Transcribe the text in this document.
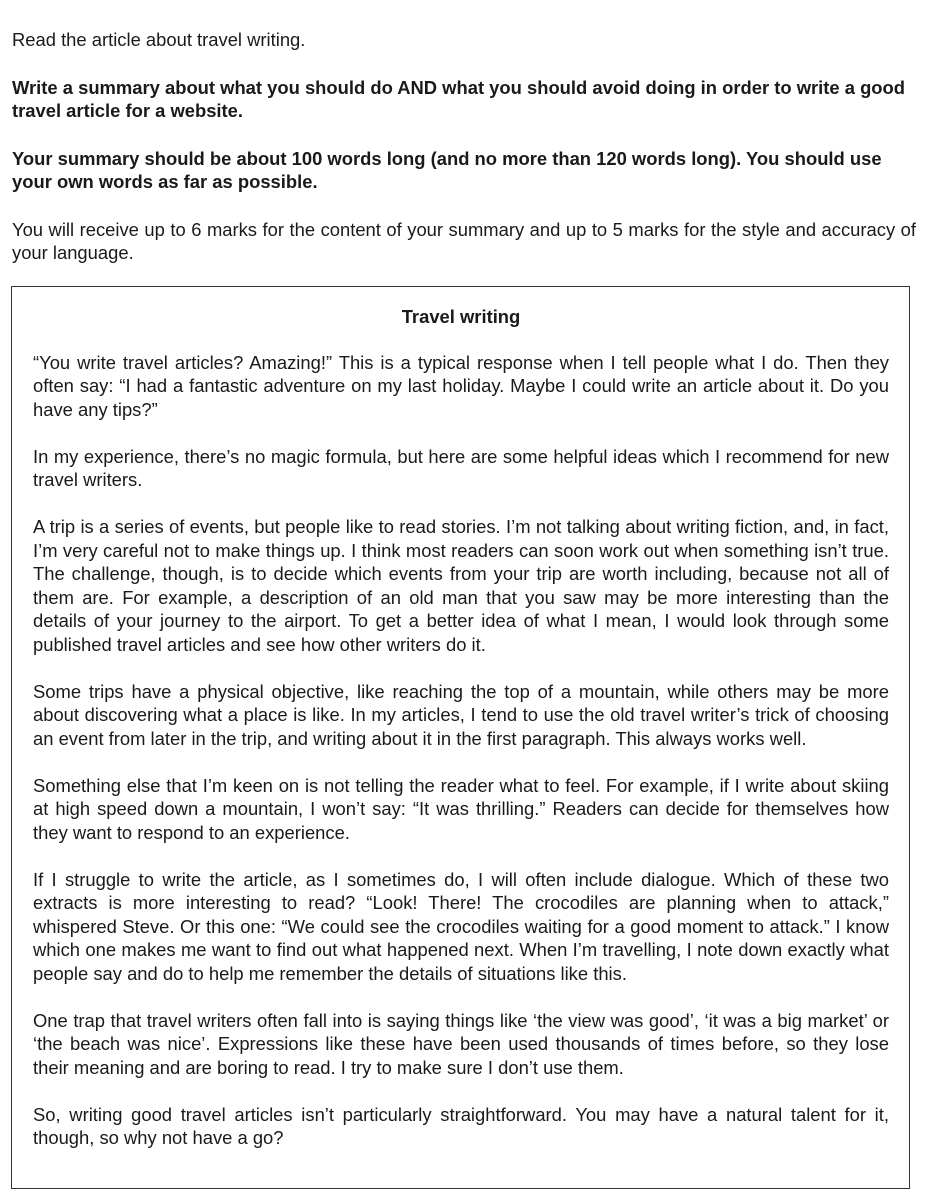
Read the article about travel writing.

Write a summary about what you should do AND what you should avoid doing in order to write a good travel article for a website.

Your summary should be about 100 words long (and no more than 120 words long). You should use your own words as far as possible.

You will receive up to 6 marks for the content of your summary and up to 5 marks for the style and accuracy of your language.

Travel writing

“You write travel articles? Amazing!” This is a typical response when I tell people what I do. Then they often say: “I had a fantastic adventure on my last holiday. Maybe I could write an article about it. Do you have any tips?”

In my experience, there’s no magic formula, but here are some helpful ideas which I recommend for new travel writers.

A trip is a series of events, but people like to read stories. I’m not talking about writing fiction, and, in fact, I’m very careful not to make things up. I think most readers can soon work out when something isn’t true. The challenge, though, is to decide which events from your trip are worth including, because not all of them are. For example, a description of an old man that you saw may be more interesting than the details of your journey to the airport. To get a better idea of what I mean, I would look through some published travel articles and see how other writers do it.

Some trips have a physical objective, like reaching the top of a mountain, while others may be more about discovering what a place is like. In my articles, I tend to use the old travel writer’s trick of choosing an event from later in the trip, and writing about it in the first paragraph. This always works well.

Something else that I’m keen on is not telling the reader what to feel. For example, if I write about skiing at high speed down a mountain, I won’t say: “It was thrilling.” Readers can decide for themselves how they want to respond to an experience.

If I struggle to write the article, as I sometimes do, I will often include dialogue. Which of these two extracts is more interesting to read? “Look! There! The crocodiles are planning when to attack,” whispered Steve. Or this one: “We could see the crocodiles waiting for a good moment to attack.” I know which one makes me want to find out what happened next. When I’m travelling, I note down exactly what people say and do to help me remember the details of situations like this.

One trap that travel writers often fall into is saying things like ‘the view was good’, ‘it was a big market’ or ‘the beach was nice’. Expressions like these have been used thousands of times before, so they lose their meaning and are boring to read. I try to make sure I don’t use them.

So, writing good travel articles isn’t particularly straightforward. You may have a natural talent for it, though, so why not have a go?
